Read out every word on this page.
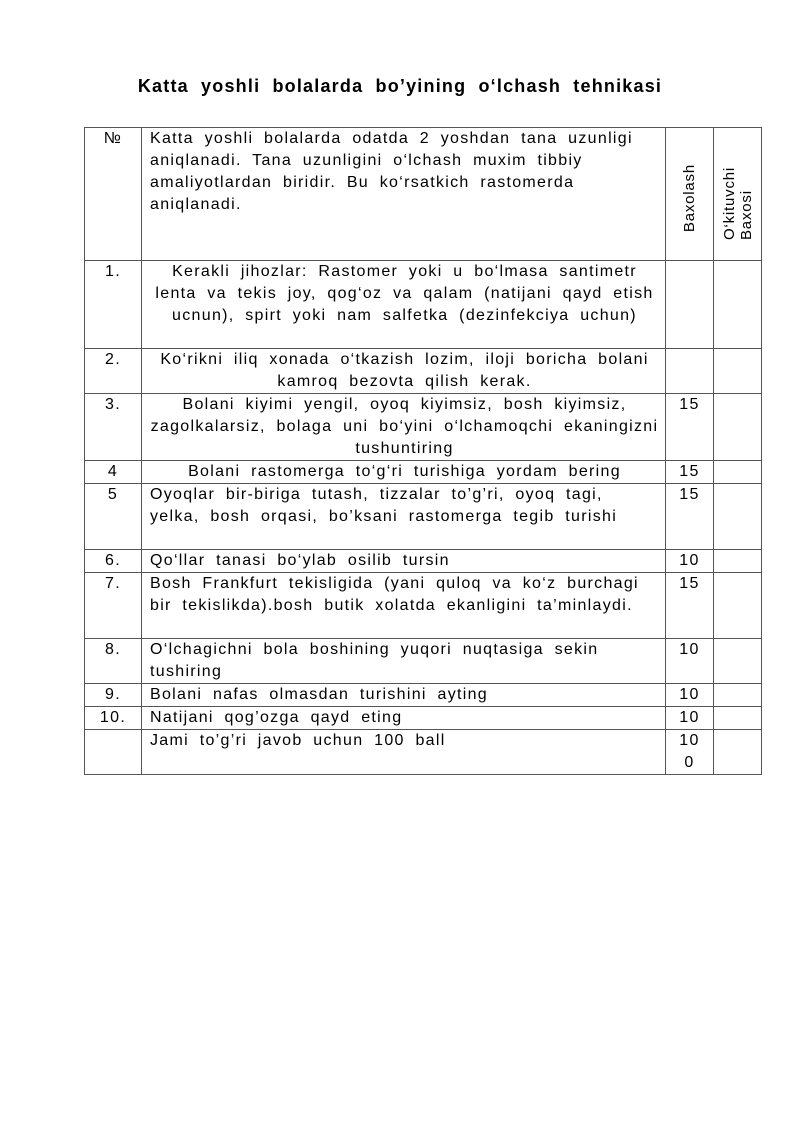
Katta yoshli bolalarda bo’yining o‘lchash tehnikasi
№	Katta yoshli bolalarda odatda 2 yoshdan tana uzunligi aniqlanadi. Tana uzunligini o‘lchash muxim tibbiy amaliyotlardan biridir. Bu ko‘rsatkich rastomerda aniqlanadi.	Baxolash	O‘kituvchi Baxosi

1.	Kerakli jihozlar: Rastomer yoki u bo‘lmasa santimetr lenta va tekis joy, qog‘oz va qalam (natijani qayd etish ucnun), spirt yoki nam salfetka (dezinfekciya uchun)		
2.	Ko‘rikni iliq xonada o‘tkazish lozim, iloji boricha bolani kamroq bezovta qilish kerak.		
3.	Bolani kiyimi yengil, oyoq kiyimsiz, bosh kiyimsiz, zagolkalarsiz, bolaga uni bo‘yini o‘lchamoqchi ekaningizni tushuntiring	15	
4	Bolani rastomerga to‘g‘ri turishiga yordam bering	15	
5	Oyoqlar bir-biriga tutash, tizzalar to’g’ri, oyoq tagi, yelka, bosh orqasi, bo’ksani rastomerga tegib turishi	15	
6.	Qo‘llar tanasi bo‘ylab osilib tursin	10	
7.	Bosh Frankfurt tekisligida (yani quloq va ko‘z burchagi bir tekislikda).bosh butik xolatda ekanligini ta’minlaydi.	15	
8.	O‘lchagichni bola boshining yuqori nuqtasiga sekin tushiring	10	
9.	Bolani nafas olmasdan turishini ayting	10	
10.	Natijani qog’ozga qayd eting	10	
	Jami to’g’ri javob uchun 100 ball	100	
